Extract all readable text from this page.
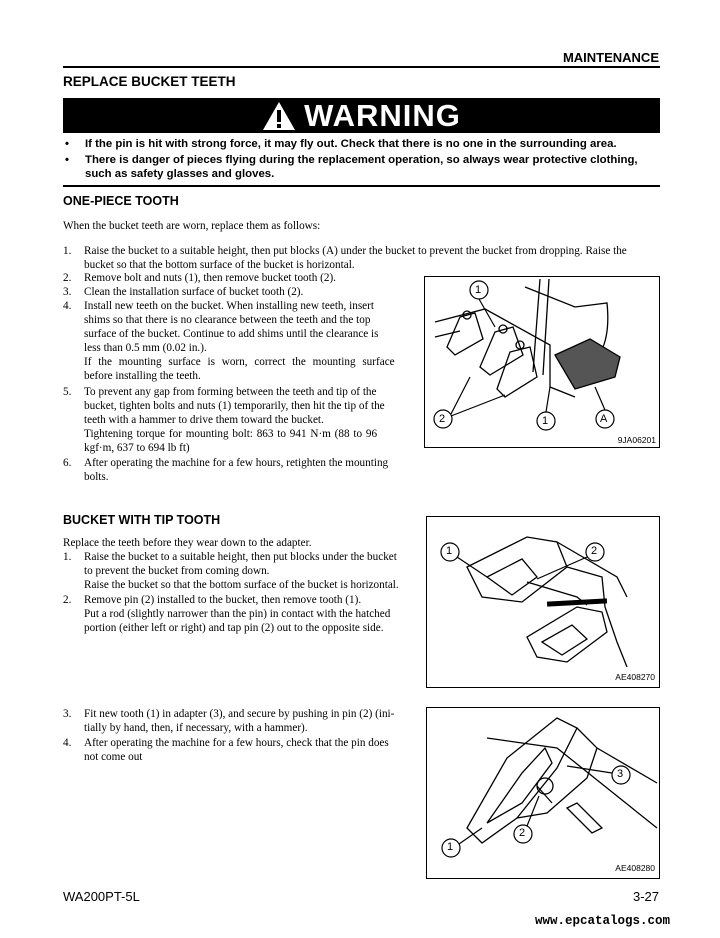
MAINTENANCE
REPLACE BUCKET TEETH
WARNING
• If the pin is hit with strong force, it may fly out. Check that there is no one in the surrounding area.
• There is danger of pieces flying during the replacement operation, so always wear protective clothing,
such as safety glasses and gloves.
ONE-PIECE TOOTH
When the bucket teeth are worn, replace them as follows:
1. Raise the bucket to a suitable height, then put blocks (A) under the bucket to prevent the bucket from dropping. Raise the
bucket so that the bottom surface of the bucket is horizontal.
2. Remove bolt and nuts (1), then remove bucket tooth (2).
3. Clean the installation surface of bucket tooth (2).
4. Install new teeth on the bucket. When installing new teeth, insert
shims so that there is no clearance between the teeth and the top
surface of the bucket. Continue to add shims until the clearance is
less than 0.5 mm (0.02 in.).
If the mounting surface is worn, correct the mounting surface
before installing the teeth.
5. To prevent any gap from forming between the teeth and tip of the
bucket, tighten bolts and nuts (1) temporarily, then hit the tip of the
teeth with a hammer to drive them toward the bucket.
Tightening torque for mounting bolt: 863 to 941 N·m (88 to 96
kgf·m, 637 to 694 lb ft)
6. After operating the machine for a few hours, retighten the mounting
bolts.
1
2	1	A
9JA06201
BUCKET WITH TIP TOOTH
Replace the teeth before they wear down to the adapter.
1. Raise the bucket to a suitable height, then put blocks under the bucket
to prevent the bucket from coming down.
Raise the bucket so that the bottom surface of the bucket is horizontal.
2. Remove pin (2) installed to the bucket, then remove tooth (1).
Put a rod (slightly narrower than the pin) in contact with the hatched
portion (either left or right) and tap pin (2) out to the opposite side.
1	2
AE408270
3. Fit new tooth (1) in adapter (3), and secure by pushing in pin (2) (ini-
tially by hand, then, if necessary, with a hammer).
4. After operating the machine for a few hours, check that the pin does
not come out
3
2
1
AE408280
WA200PT-5L	3-27
www.epcatalogs.com
